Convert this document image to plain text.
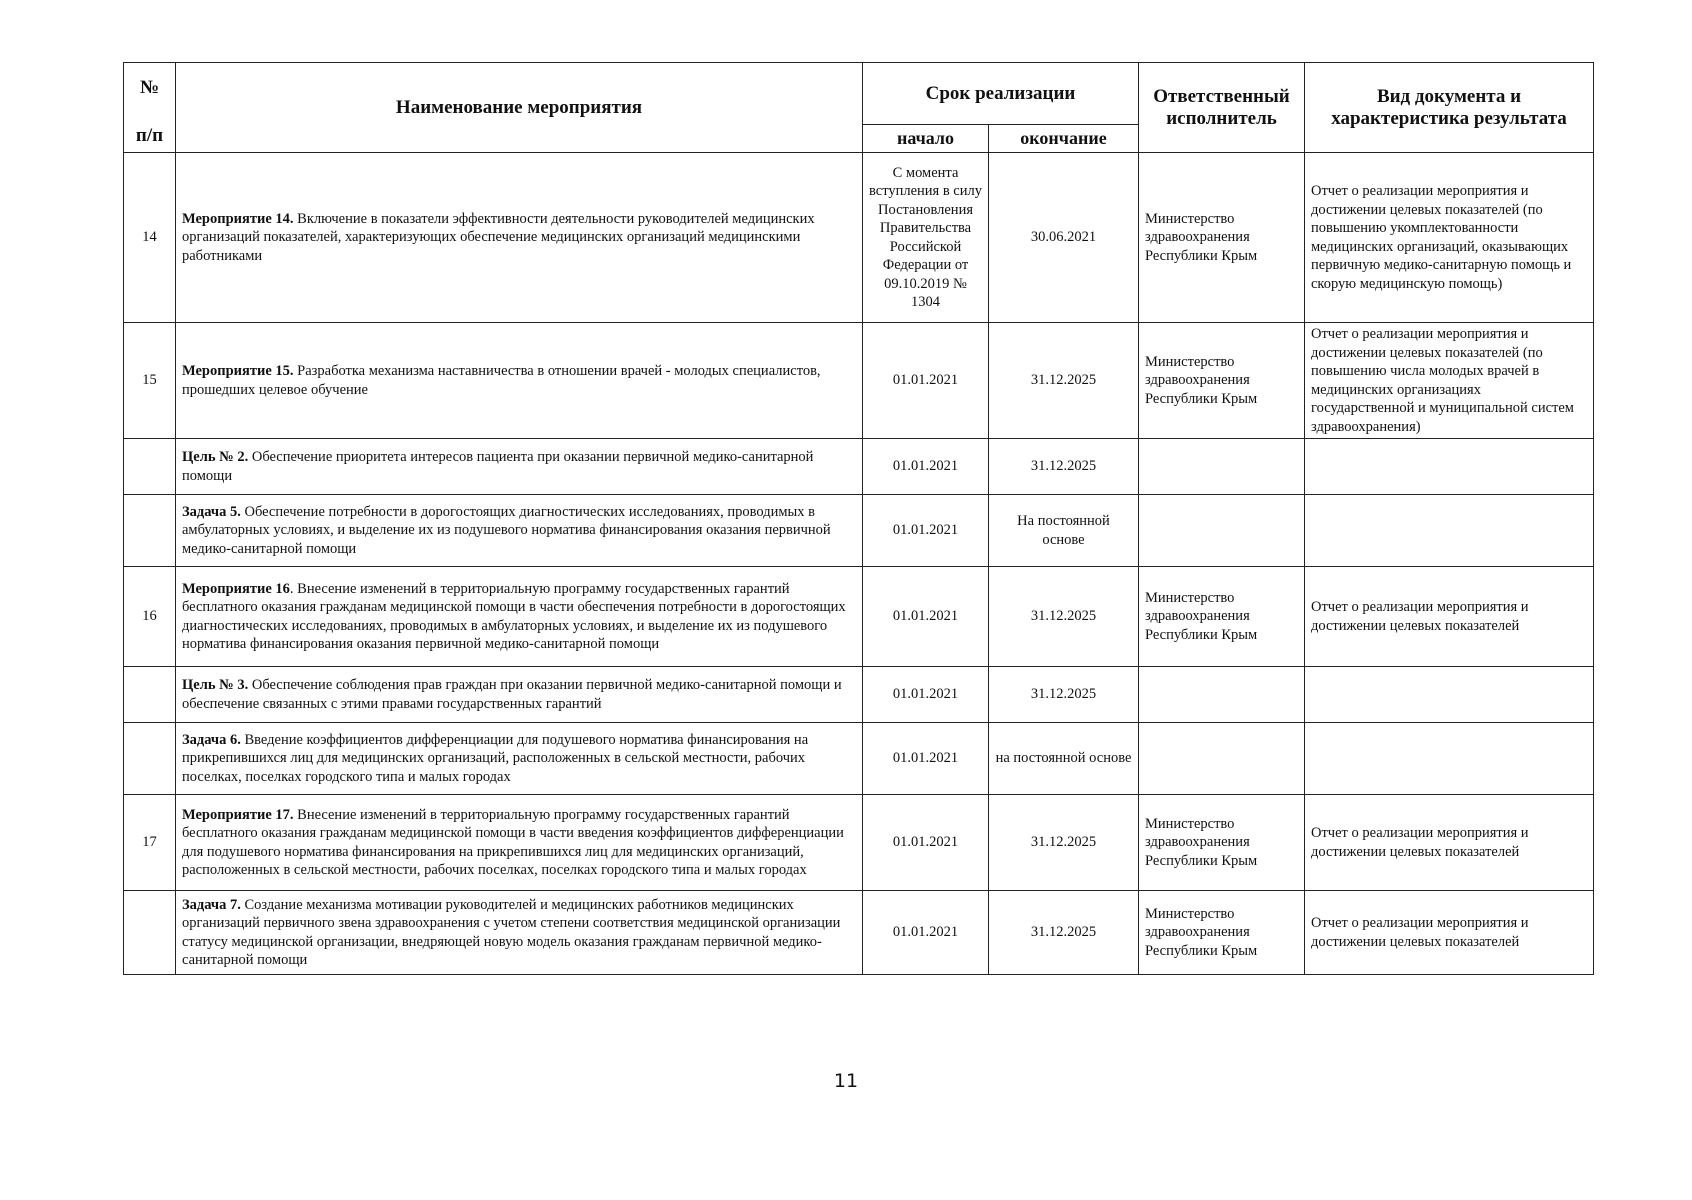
№
п/п	Наименование мероприятия	Срок реализации		Ответственный исполнитель	Вид документа и характеристика результата
		начало	окончание		
14	Мероприятие 14. Включение в показатели эффективности деятельности руководителей медицинских организаций показателей, характеризующих обеспечение медицинских организаций медицинскими работниками	С момента вступления в силу Постановления Правительства Российской Федерации от 09.10.2019 № 1304	30.06.2021	Министерство здравоохранения Республики Крым	Отчет о реализации мероприятия и достижении целевых показателей (по повышению укомплектованности медицинских организаций, оказывающих первичную медико-санитарную помощь и скорую медицинскую помощь)
15	Мероприятие 15. Разработка механизма наставничества в отношении врачей - молодых специалистов, прошедших целевое обучение	01.01.2021	31.12.2025	Министерство здравоохранения Республики Крым	Отчет о реализации мероприятия и достижении целевых показателей (по повышению числа молодых врачей в медицинских организациях государственной и муниципальной систем здравоохранения)
	Цель № 2. Обеспечение приоритета интересов пациента при оказании первичной медико-санитарной помощи	01.01.2021	31.12.2025		
	Задача 5. Обеспечение потребности в дорогостоящих диагностических исследованиях, проводимых в амбулаторных условиях, и выделение их из подушевого норматива финансирования оказания первичной медико-санитарной помощи	01.01.2021	На постоянной основе		
16	Мероприятие 16. Внесение изменений в территориальную программу государственных гарантий бесплатного оказания гражданам медицинской помощи в части обеспечения потребности в дорогостоящих диагностических исследованиях, проводимых в амбулаторных условиях, и выделение их из подушевого норматива финансирования оказания первичной медико-санитарной помощи	01.01.2021	31.12.2025	Министерство здравоохранения Республики Крым	Отчет о реализации мероприятия и достижении целевых показателей
	Цель № 3. Обеспечение соблюдения прав граждан при оказании первичной медико-санитарной помощи и обеспечение связанных с этими правами государственных гарантий	01.01.2021	31.12.2025		
	Задача 6. Введение коэффициентов дифференциации для подушевого норматива финансирования на прикрепившихся лиц для медицинских организаций, расположенных в сельской местности, рабочих поселках, поселках городского типа и малых городах	01.01.2021	на постоянной основе		
17	Мероприятие 17. Внесение изменений в территориальную программу государственных гарантий бесплатного оказания гражданам медицинской помощи в части введения коэффициентов дифференциации для подушевого норматива финансирования на прикрепившихся лиц для медицинских организаций, расположенных в сельской местности, рабочих поселках, поселках городского типа и малых городах	01.01.2021	31.12.2025	Министерство здравоохранения Республики Крым	Отчет о реализации мероприятия и достижении целевых показателей
	Задача 7. Создание механизма мотивации руководителей и медицинских работников медицинских организаций первичного звена здравоохранения с учетом степени соответствия медицинской организации статусу медицинской организации, внедряющей новую модель оказания гражданам первичной медико-санитарной помощи	01.01.2021	31.12.2025	Министерство здравоохранения Республики Крым	Отчет о реализации мероприятия и достижении целевых показателей
11
